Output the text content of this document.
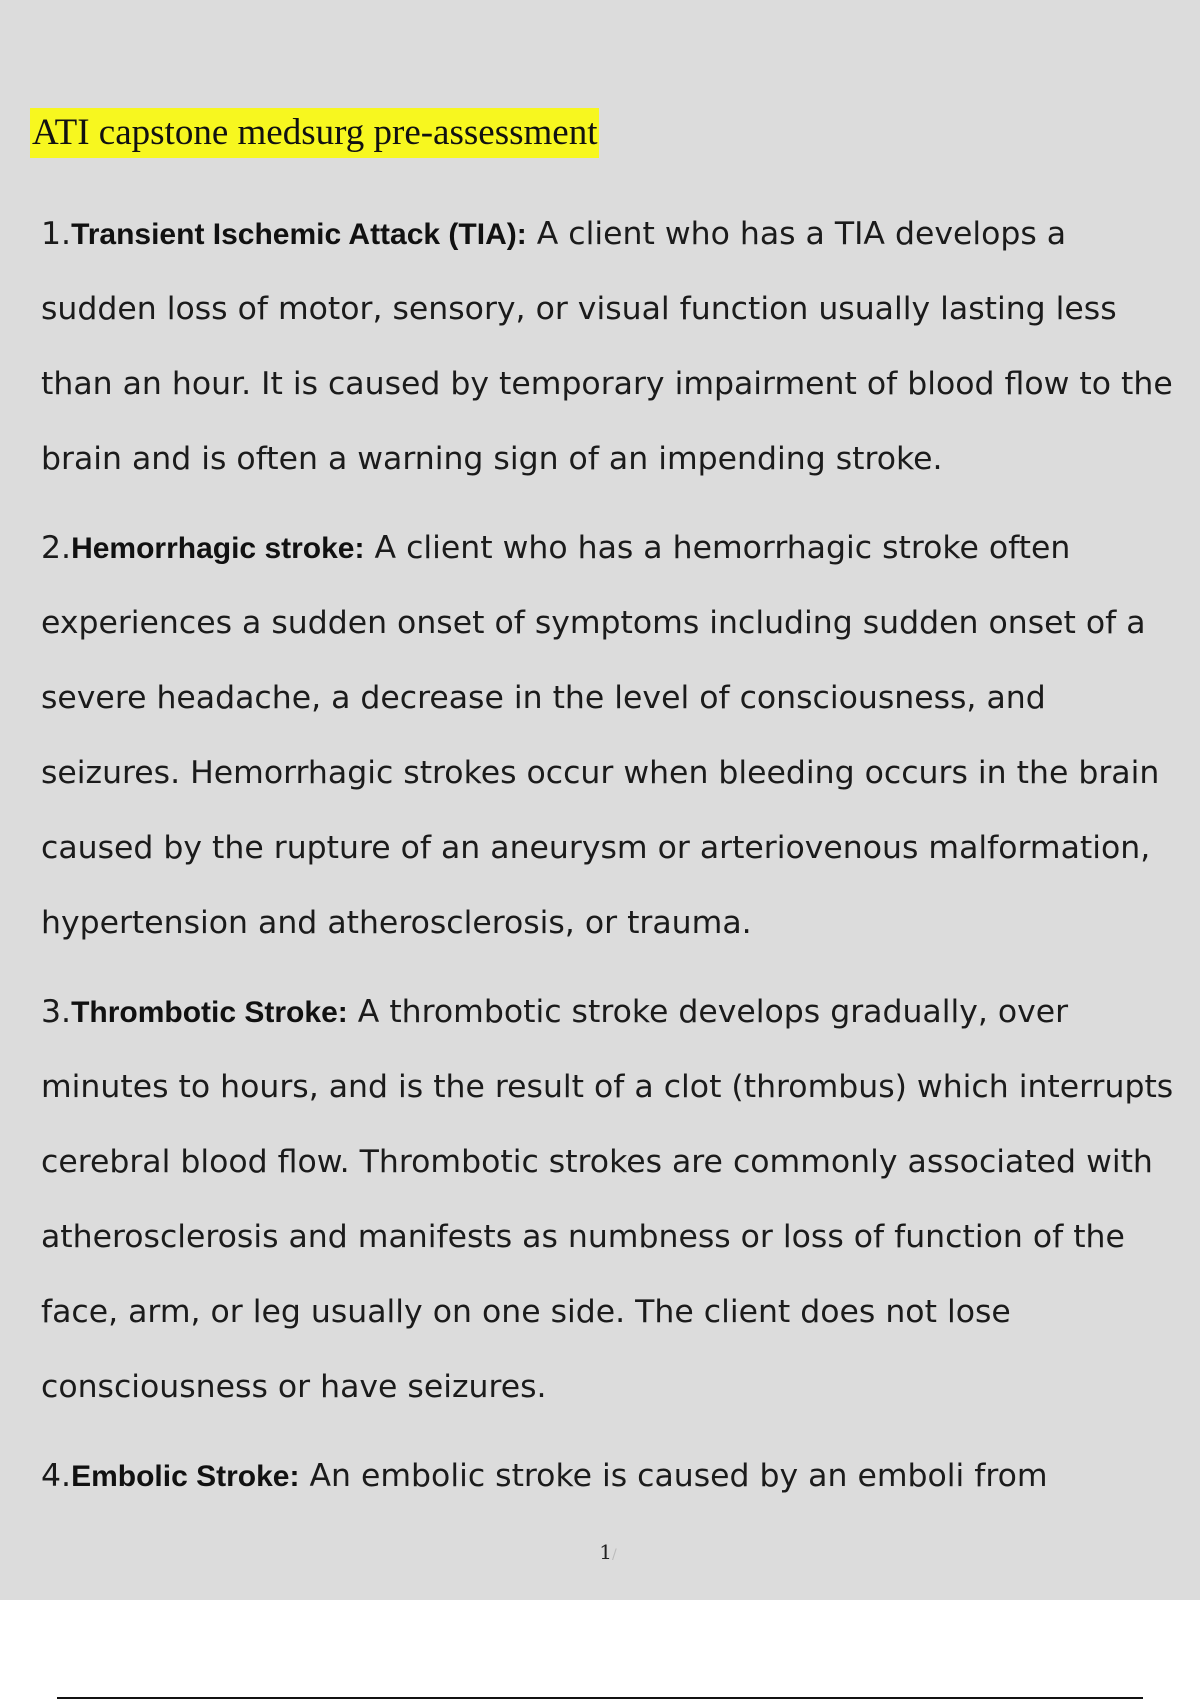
ATI capstone medsurg pre-assessment
1.Transient Ischemic Attack (TIA): A client who has a TIA develops a sudden loss of motor, sensory, or visual function usually lasting less than an hour. It is caused by temporary impairment of blood flow to the brain and is often a warning sign of an impending stroke.
2.Hemorrhagic stroke: A client who has a hemorrhagic stroke often experiences a sudden onset of symptoms including sudden onset of a severe headache, a decrease in the level of consciousness, and seizures. Hemorrhagic strokes occur when bleeding occurs in the brain caused by the rupture of an aneurysm or arteriovenous malformation, hypertension and atherosclerosis, or trauma.
3.Thrombotic Stroke: A thrombotic stroke develops gradually, over minutes to hours, and is the result of a clot (thrombus) which interrupts cerebral blood flow. Thrombotic strokes are commonly associated with atherosclerosis and manifests as numbness or loss of function of the face, arm, or leg usually on one side. The client does not lose consciousness or have seizures.
4.Embolic Stroke: An embolic stroke is caused by an emboli from

1/
